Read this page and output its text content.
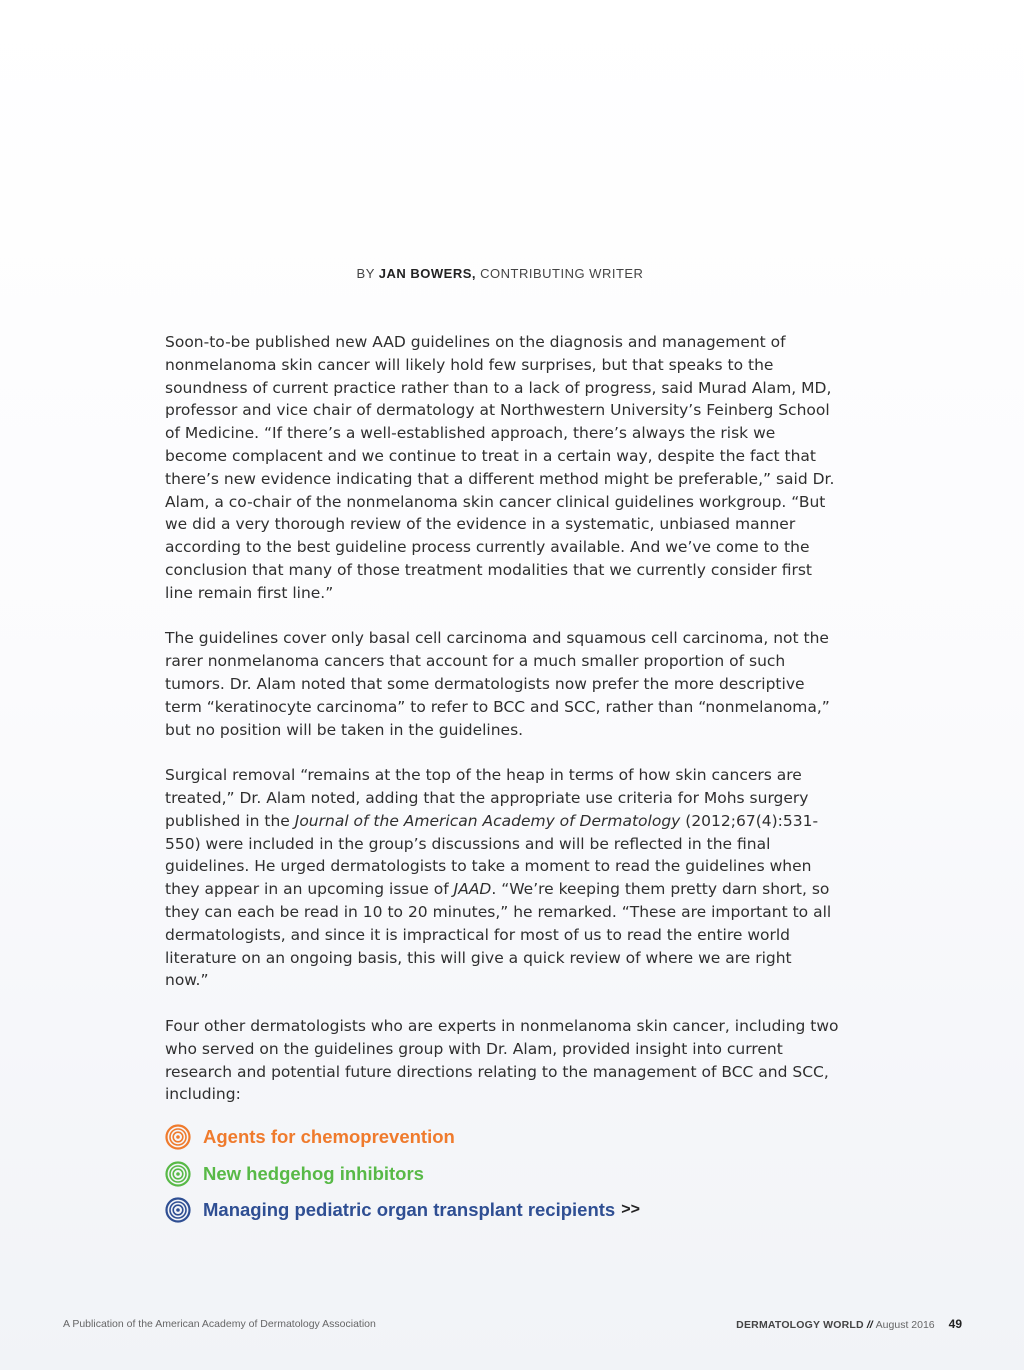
BY JAN BOWERS, CONTRIBUTING WRITER

Soon-to-be published new AAD guidelines on the diagnosis and management of nonmelanoma skin cancer will likely hold few surprises, but that speaks to the soundness of current practice rather than to a lack of progress, said Murad Alam, MD, professor and vice chair of dermatology at Northwestern University’s Feinberg School of Medicine. “If there’s a well-established approach, there’s always the risk we become complacent and we continue to treat in a certain way, despite the fact that there’s new evidence indicating that a different method might be preferable,” said Dr. Alam, a co-chair of the nonmelanoma skin cancer clinical guidelines workgroup. “But we did a very thorough review of the evidence in a systematic, unbiased manner according to the best guideline process currently available. And we’ve come to the conclusion that many of those treatment modalities that we currently consider first line remain first line.”

The guidelines cover only basal cell carcinoma and squamous cell carcinoma, not the rarer nonmelanoma cancers that account for a much smaller proportion of such tumors. Dr. Alam noted that some dermatologists now prefer the more descriptive term “keratinocyte carcinoma” to refer to BCC and SCC, rather than “nonmelanoma,” but no position will be taken in the guidelines.

Surgical removal “remains at the top of the heap in terms of how skin cancers are treated,” Dr. Alam noted, adding that the appropriate use criteria for Mohs surgery published in the Journal of the American Academy of Dermatology (2012;67(4):531-550) were included in the group’s discussions and will be reflected in the final guidelines. He urged dermatologists to take a moment to read the guidelines when they appear in an upcoming issue of JAAD. “We’re keeping them pretty darn short, so they can each be read in 10 to 20 minutes,” he remarked. “These are important to all dermatologists, and since it is impractical for most of us to read the entire world literature on an ongoing basis, this will give a quick review of where we are right now.”

Four other dermatologists who are experts in nonmelanoma skin cancer, including two who served on the guidelines group with Dr. Alam, provided insight into current research and potential future directions relating to the management of BCC and SCC, including:

Agents for chemoprevention
New hedgehog inhibitors
Managing pediatric organ transplant recipients >>
A Publication of the American Academy of Dermatology Association	DERMATOLOGY WORLD // August 2016 49
